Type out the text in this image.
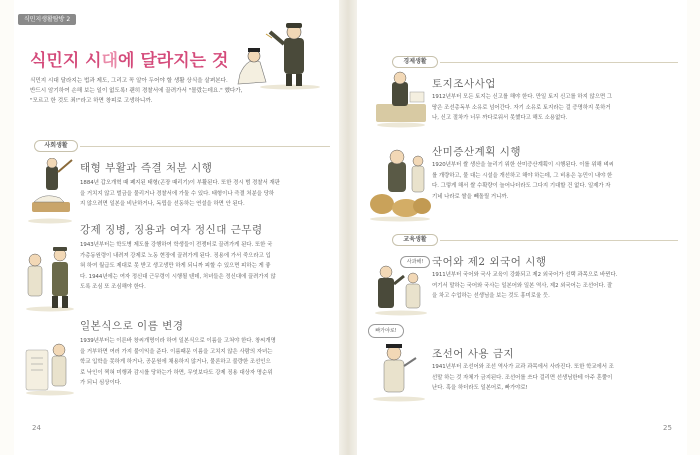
식민지생활탐방 2
식민지 시대에 달라지는 것
식민지 시대 달라지는 법과 제도, 그리고 꼭 알아 두어야 할 생활 상식을 살펴본다.
반드시 암기하여 손해 보는 일이 없도록! 괜히 경찰서에 끌려가서 "몰랐는데요." 했다가,
"모르고 한 것도 죄!"라고 하면 창피로 고생하니까.
사회생활
태형 부활과 즉결 처분 시행
1884년 갑오개혁 때 폐지된 태형(곤장 때리기)이 부활된다. 또한 경시 범 경찰서 재판
을 거치지 않고 벌금을 물리거나 경찰서에 가둘 수 있다. 태형이나 즉결 처분을 당하
지 않으려면 일본을 비난하거나, 독립을 선동하는 연설을 하면 안 된다.
강제 징병, 징용과 여자 정신대 근무령
1943년부터는 학도병 제도를 강행하여 학생들이 전쟁터로 끌려가게 된다. 또한 국
가총동원령이 내려져 강제로 노동 현장에 끌려가게 된다. 징용에 가서 죽으라고 입
혀 하여 월급도 제대로 못 받고 생고생만 하게 되니까 피할 수 있으면 피하는 게 좋
다. 1944년에는 여자 정신대 근무령이 시행될 텐데, 처녀들은 정신대에 끌려가지 않
도록 조심 또 조심해야 한다.
일본식으로 이름 변경
1939년부터는 이른바 창씨개명이라 하여 일본식으로 이름을 고쳐야 한다. 창씨개명
을 거부하면 여러 가지 불이익을 준다. 이름때문 이름을 고치지 않은 사람의 자녀는
학교 입학을 못하게 하거나, 공문원에 채용하지 않거나, 물론하고 불량한 조선인으
로 낙인이 찍혀 미행과 감시를 당하는가 하면, 무엇보다도 강제 징용 대상자 명순위
가 되니 심상이다.
경제생활
토지조사사업
1912년부터 모든 토지는 신고를 해야 한다. 만일 토지 신고를 하지 않으면 그
땅은 조선총독부 소유로 넘어간다. 자기 소유로 토지라는 걸 증명하지 못하거
나, 신고 절차가 너무 까다로워서 못했다고 해도 소용없다.
산미증산계획 시행
1920년부터 쌀 생산을 늘리기 위한 산미증산계획이 시행된다. 이를 위해 벼씨
를 개량하고, 물 대는 시설을 개선하고 해야 하는데, 그 비용은 농민이 내야 한
다. 그렇게 해서 쌀 수확량이 늘어나더라도 그다지 기대할 건 없다. 일제가 자
기네 나라로 쌀을 빼돌릴 거니까.
교육생활
사과해! 국어와 제2 외국어 시행
1911년부터 국어와 국사 교육이 강화되고 제2 외국어가 선택 과목으로 바뀐다.
여기서 말하는 국어와 국사는 일본어와 일본 역사, 제2 외국어는 조선어다. 잘
을 차고 수업하는 선생님을 보는 것도 흥미로울 듯.
빠가야로!
조선어 사용 금지
1941년부터 조선어와 조선 역사가 교과 과목에서 사라진다. 또한 학교에서 조
선말 하는 것 자체가 금지된다. 조선어를 쓰다 걸리면 선생님한테 아주 혼쭐이
난다. 혹을 하더라도 일본어로, 빠가야로!
24	25
